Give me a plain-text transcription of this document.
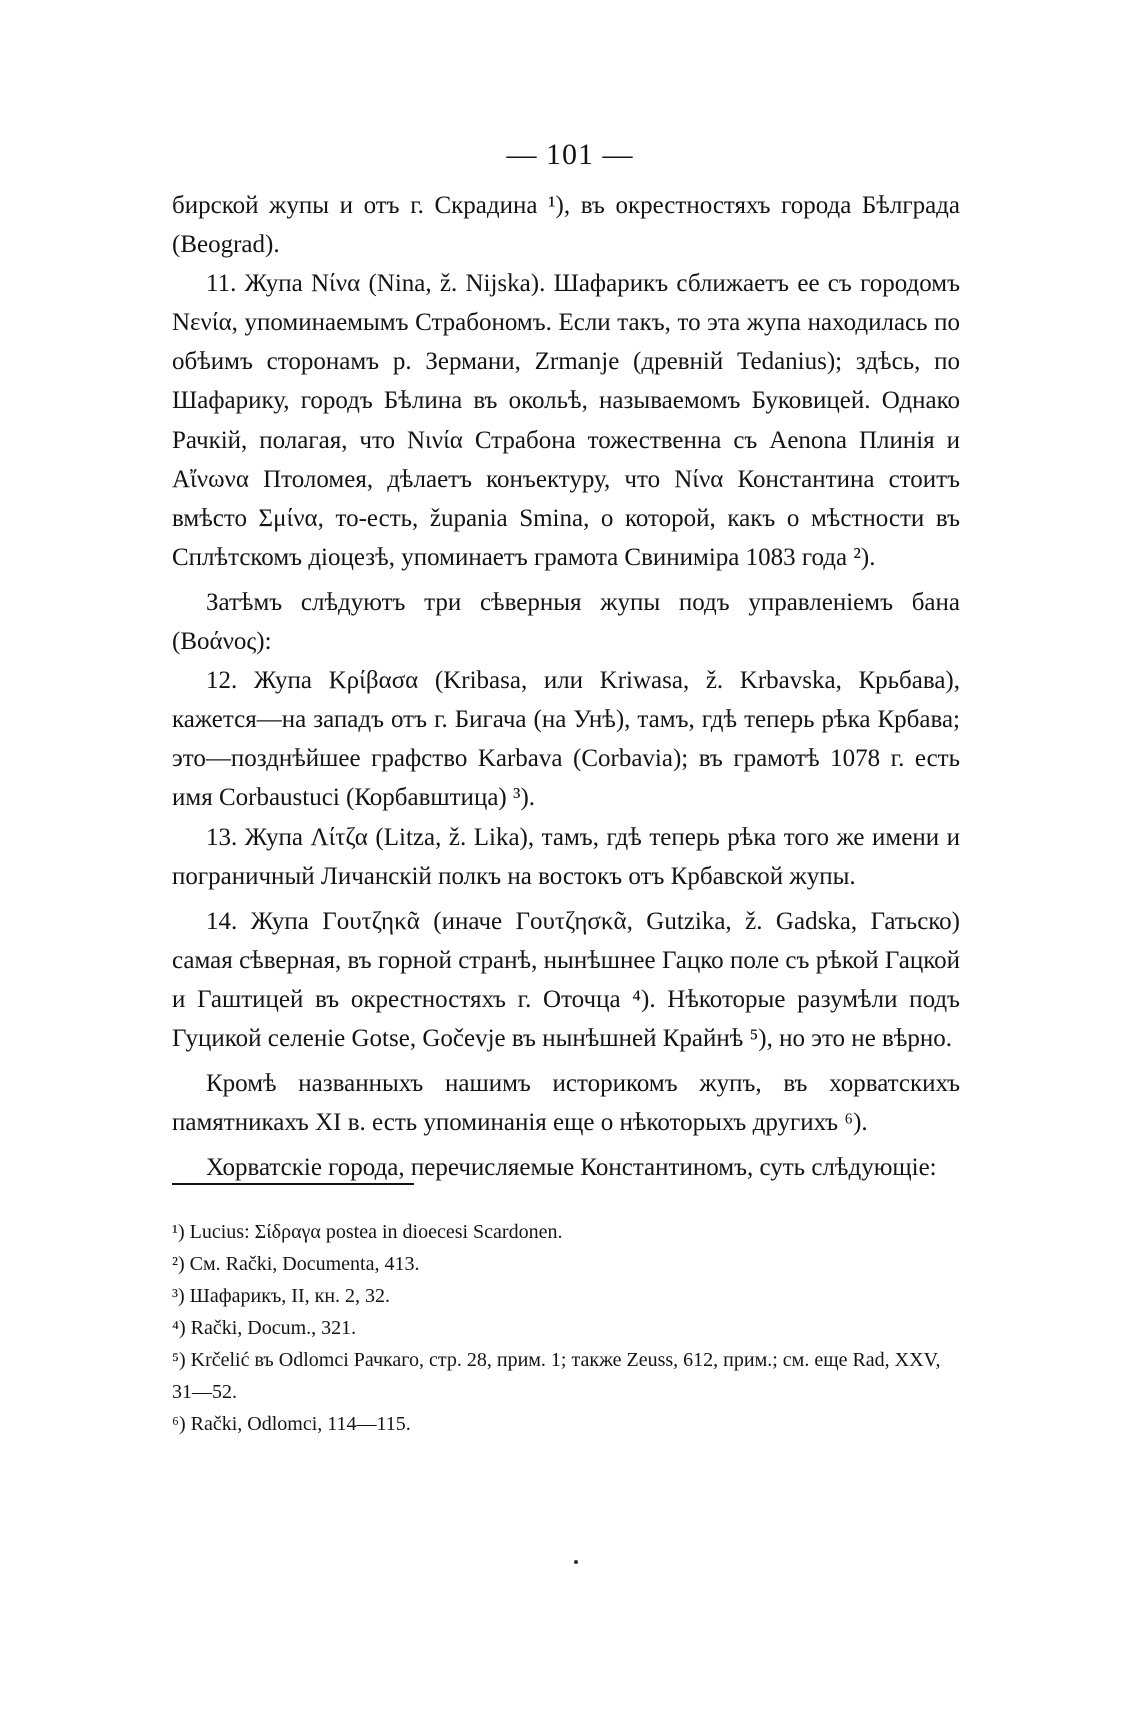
— 101 —

бирской жупы и отъ г. Скрадина ¹), въ окрестностяхъ города Бѣлграда (Beograd).

11. Жупа Νίνα (Nina, ž. Nijska). Шафарикъ сближаетъ ее съ городомъ Nενία, упоминаемымъ Страбономъ. Если такъ, то эта жупа находилась по обѣимъ сторонамъ р. Зермани, Zrmanje (древній Tedanius); здѣсь, по Шафарику, городъ Бѣлина въ окольѣ, называемомъ Буковицей. Однако Рачкій, полагая, что Νινία Страбона тожественна съ Aenona Плинія и Αἴνωνα Птоломея, дѣлаетъ конъектуру, что Νίνα Константина стоитъ вмѣсто Σμίνα, то-есть, župania Smina, о которой, какъ о мѣстности въ Сплѣтскомъ діоцезѣ, упоминаетъ грамота Свиниміра 1083 года ²).

Затѣмъ слѣдуютъ три сѣверныя жупы подъ управленіемъ бана (Βοάνος):

12. Жупа Κρίβασα (Kribasa, или Kriwasa, ž. Krbavska, Крьбава), кажется—на западъ отъ г. Бигача (на Унѣ), тамъ, гдѣ теперь рѣка Крбава; это—позднѣйшее графство Karbava (Corbavia); въ грамотѣ 1078 г. есть имя Corbaustuci (Корбавштица) ³).

13. Жупа Λίτζα (Litza, ž. Lika), тамъ, гдѣ теперь рѣка того же имени и пограничный Личанскій полкъ на востокъ отъ Крбавской жупы.

14. Жупа Γουτζηκᾶ (иначе Γουτζησκᾶ, Gutzika, ž. Gadska, Гатьско) самая сѣверная, въ горной странѣ, нынѣшнее Гацко поле съ рѣкой Гацкой и Гаштицей въ окрестностяхъ г. Оточца ⁴). Нѣкоторые разумѣли подъ Гуцикой селеніе Gotse, Gočevje въ нынѣшней Крайнѣ ⁵), но это не вѣрно.

Кромѣ названныхъ нашимъ историкомъ жупъ, въ хорватскихъ памятникахъ XI в. есть упоминанія еще о нѣкоторыхъ другихъ ⁶).

Хорватскіе города, перечисляемые Константиномъ, суть слѣдующіе:

¹) Lucius: Σίδραγα postea in dioecesi Scardonen.

²) См. Rački, Documenta, 413.

³) Шафарикъ, II, кн. 2, 32.

⁴) Rački, Docum., 321.

⁵) Krčelić въ Odlomci Рачкаго, стр. 28, прим. 1; также Zeuss, 612, прим.; см. еще Rad, XXV, 31—52.

⁶) Rački, Odlomci, 114—115.
